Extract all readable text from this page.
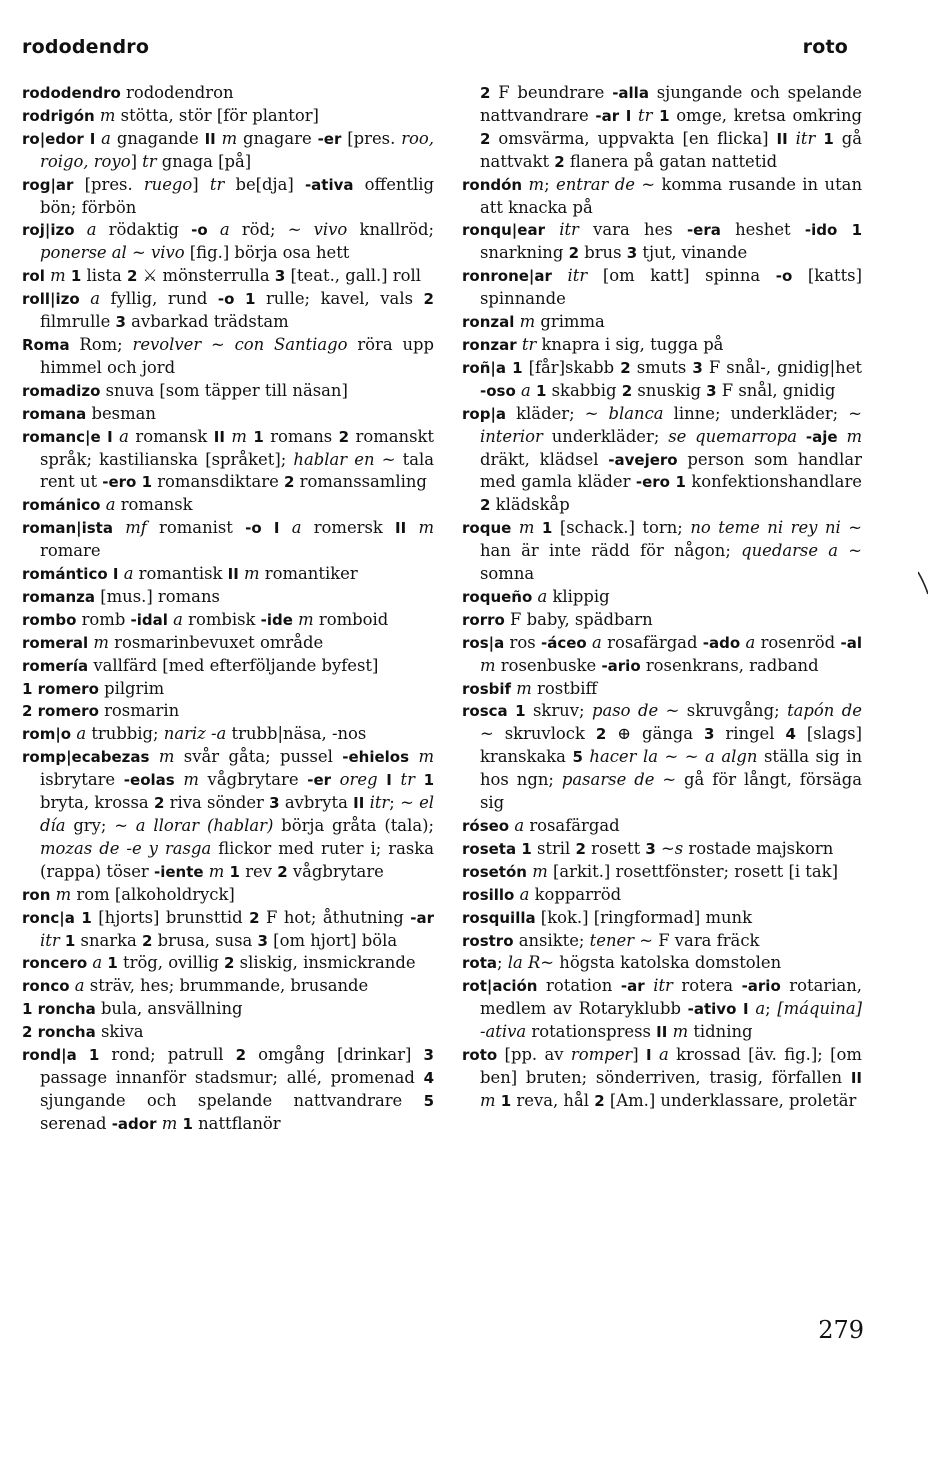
rododendro	roto

rododendro rododendron

rodrigón m stötta, stör [för plantor]

ro|edor I a gnagande II m gnagare -er [pres. roo, roigo, royo] tr gnaga [på]

rog|ar [pres. ruego] tr be[dja] -ativa offentlig bön; förbön

roj|izo a rödaktig -o a röd; ~ vivo knallröd; ponerse al ~ vivo [fig.] börja osa hett

rol m 1 lista 2 ⚔ mönsterrulla 3 [teat., gall.] roll

roll|izo a fyllig, rund -o 1 rulle; kavel, vals 2 filmrulle 3 avbarkad trädstam

Roma Rom; revolver ~ con Santiago röra upp himmel och jord

romadizo snuva [som täpper till näsan]

romana besman

romanc|e I a romansk II m 1 romans 2 romanskt språk; kastilianska [språket]; hablar en ~ tala rent ut -ero 1 romansdiktare 2 romanssamling

románico a romansk

roman|ista mf romanist -o I a romersk II m romare

romántico I a romantisk II m romantiker

romanza [mus.] romans

rombo romb -idal a rombisk -ide m romboid

romeral m rosmarinbevuxet område

romería vallfärd [med efterföljande byfest]

1 romero pilgrim

2 romero rosmarin

rom|o a trubbig; nariz -a trubb|näsa, -nos

romp|ecabezas m svår gåta; pussel -ehielos m isbrytare -eolas m vågbrytare -er oreg I tr 1 bryta, krossa 2 riva sönder 3 avbryta II itr; ~ el día gry; ~ a llorar (hablar) börja gråta (tala); mozas de -e y rasga flickor med ruter i; raska (rappa) töser -iente m 1 rev 2 vågbrytare

ron m rom [alkoholdryck]

ronc|a 1 [hjorts] brunsttid 2 F hot; åthutning -ar itr 1 snarka 2 brusa, susa 3 [om hjort] böla

roncero a 1 trög, ovillig 2 sliskig, insmickrande

ronco a sträv, hes; brummande, brusande

1 roncha bula, ansvällning

2 roncha skiva

rond|a 1 rond; patrull 2 omgång [drinkar] 3 passage innanför stadsmur; allé, promenad 4 sjungande och spelande nattvandrare 5 serenad -ador m 1 nattflanör

2 F beundrare -alla sjungande och spelande nattvandrare -ar I tr 1 omge, kretsa omkring 2 omsvärma, uppvakta [en flicka] II itr 1 gå nattvakt 2 flanera på gatan nattetid

rondón m; entrar de ~ komma rusande in utan att knacka på

ronqu|ear itr vara hes -era heshet -ido 1 snarkning 2 brus 3 tjut, vinande

ronrone|ar itr [om katt] spinna -o [katts] spinnande

ronzal m grimma

ronzar tr knapra i sig, tugga på

roñ|a 1 [får]skabb 2 smuts 3 F snål-, gnidig|het -oso a 1 skabbig 2 snuskig 3 F snål, gnidig

rop|a kläder; ~ blanca linne; underkläder; ~ interior underkläder; se quemarropa -aje m dräkt, klädsel -avejero person som handlar med gamla kläder -ero 1 konfektionshandlare 2 klädskåp

roque m 1 [schack.] torn; no teme ni rey ni ~ han är inte rädd för någon; quedarse a ~ somna

roqueño a klippig

rorro F baby, spädbarn

ros|a ros -áceo a rosafärgad -ado a rosenröd -al m rosenbuske -ario rosenkrans, radband

rosbif m rostbiff

rosca 1 skruv; paso de ~ skruvgång; tapón de ~ skruvlock 2 ⊕ gänga 3 ringel 4 [slags] kranskaka 5 hacer la ~ ~ a algn ställa sig in hos ngn; pasarse de ~ gå för långt, försäga sig

róseo a rosafärgad

roseta 1 stril 2 rosett 3 ~s rostade majskorn

rosetón m [arkit.] rosettfönster; rosett [i tak]

rosillo a kopparröd

rosquilla [kok.] [ringformad] munk

rostro ansikte; tener ~ F vara fräck

rota; la R~ högsta katolska domstolen

rot|ación rotation -ar itr rotera -ario rotarian, medlem av Rotaryklubb -ativo I a; [máquina] -ativa rotationspress II m tidning

roto [pp. av romper] I a krossad [äv. fig.]; [om ben] bruten; sönderriven, trasig, förfallen II m 1 reva, hål 2 [Am.] underklassare, proletär

279
